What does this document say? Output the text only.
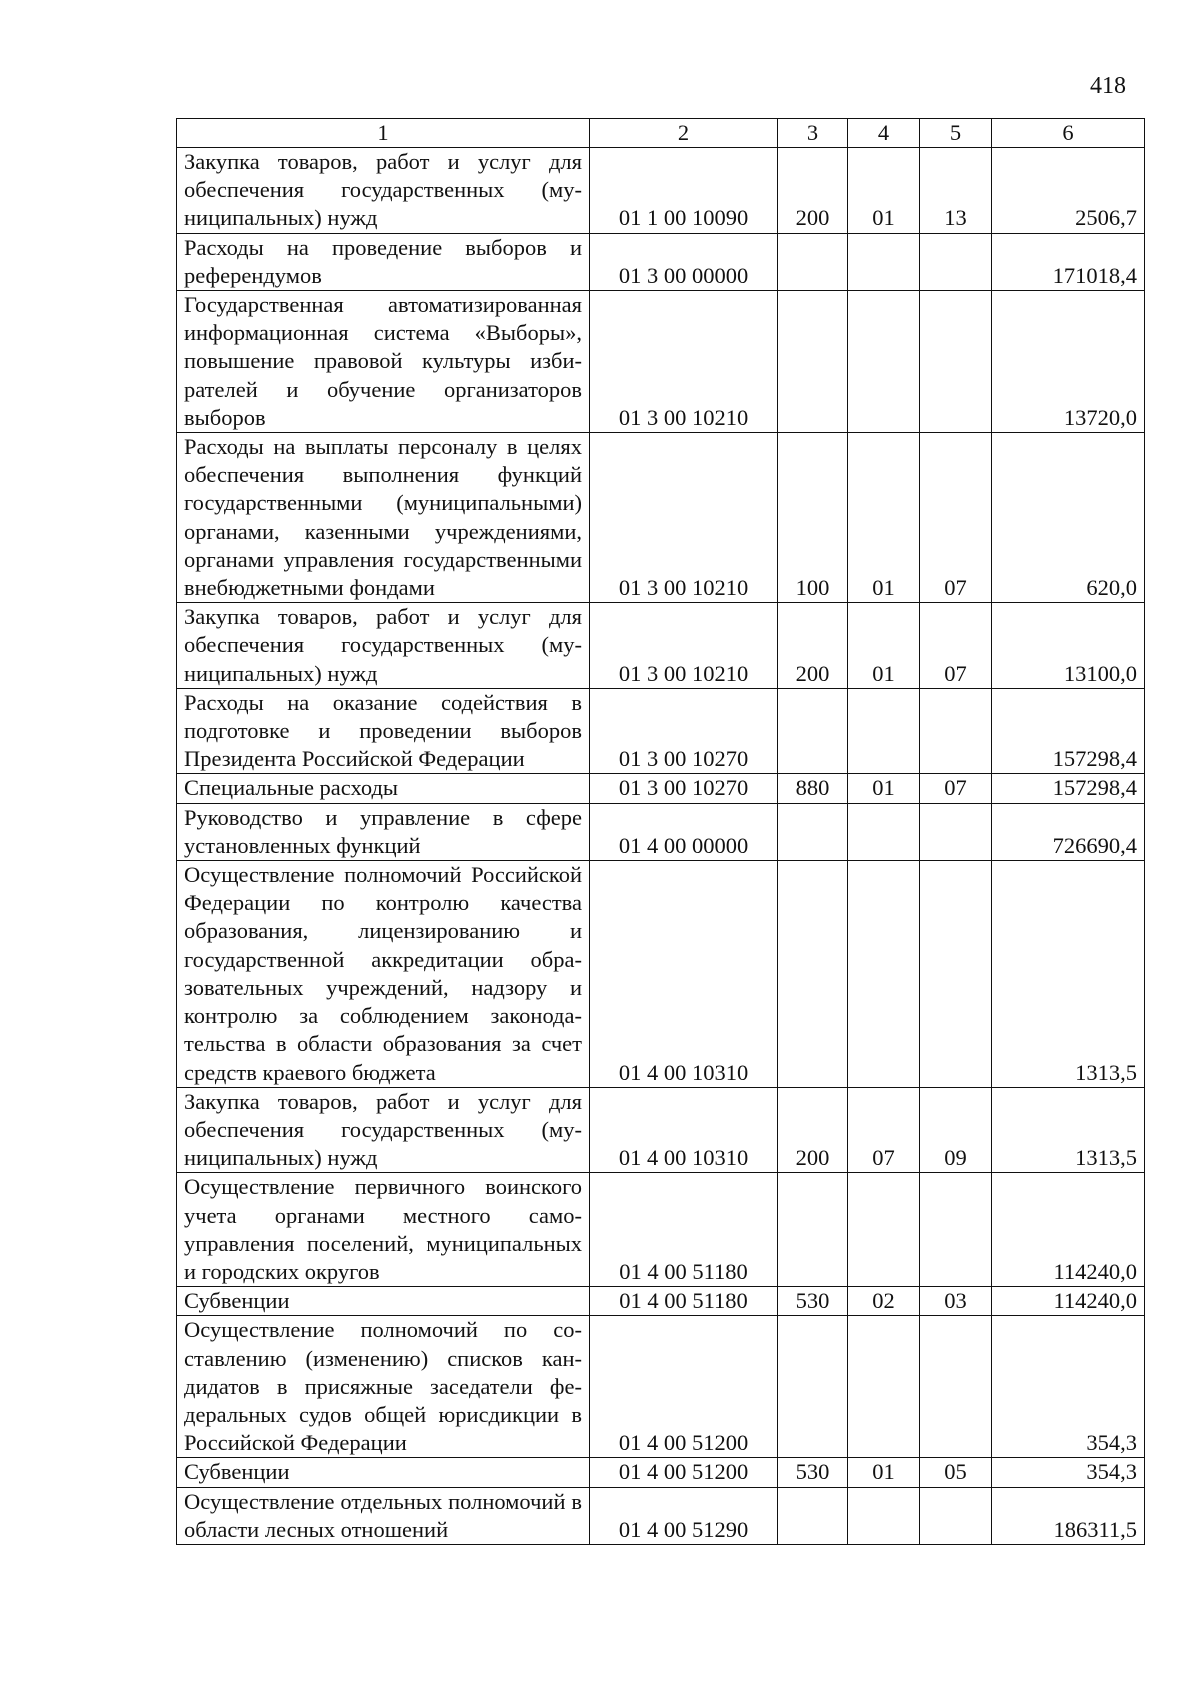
418
1	2	3	4	5	6
Закупка товаров, работ и услуг для обеспечения государственных (муниципальных) нужд	01 1 00 10090	200	01	13	2506,7
Расходы на проведение выборов и референдумов	01 3 00 00000				171018,4
Государственная автоматизированная информационная система «Выборы», повышение правовой культуры избирателей и обучение организаторов выборов	01 3 00 10210				13720,0
Расходы на выплаты персоналу в целях обеспечения выполнения функций государственными (муниципальными) органами, казенными учреждениями, органами управления государственными внебюджетными фондами	01 3 00 10210	100	01	07	620,0
Закупка товаров, работ и услуг для обеспечения государственных (муниципальных) нужд	01 3 00 10210	200	01	07	13100,0
Расходы на оказание содействия в подготовке и проведении выборов Президента Российской Федерации	01 3 00 10270				157298,4
Специальные расходы	01 3 00 10270	880	01	07	157298,4
Руководство и управление в сфере установленных функций	01 4 00 00000				726690,4
Осуществление полномочий Российской Федерации по контролю качества образования, лицензированию и государственной аккредитации образовательных учреждений, надзору и контролю за соблюдением законодательства в области образования за счет средств краевого бюджета	01 4 00 10310				1313,5
Закупка товаров, работ и услуг для обеспечения государственных (муниципальных) нужд	01 4 00 10310	200	07	09	1313,5
Осуществление первичного воинского учета органами местного самоуправления поселений, муниципальных и городских округов	01 4 00 51180				114240,0
Субвенции	01 4 00 51180	530	02	03	114240,0
Осуществление полномочий по составлению (изменению) списков кандидатов в присяжные заседатели федеральных судов общей юрисдикции в Российской Федерации	01 4 00 51200				354,3
Субвенции	01 4 00 51200	530	01	05	354,3
Осуществление отдельных полномочий в области лесных отношений	01 4 00 51290				186311,5
